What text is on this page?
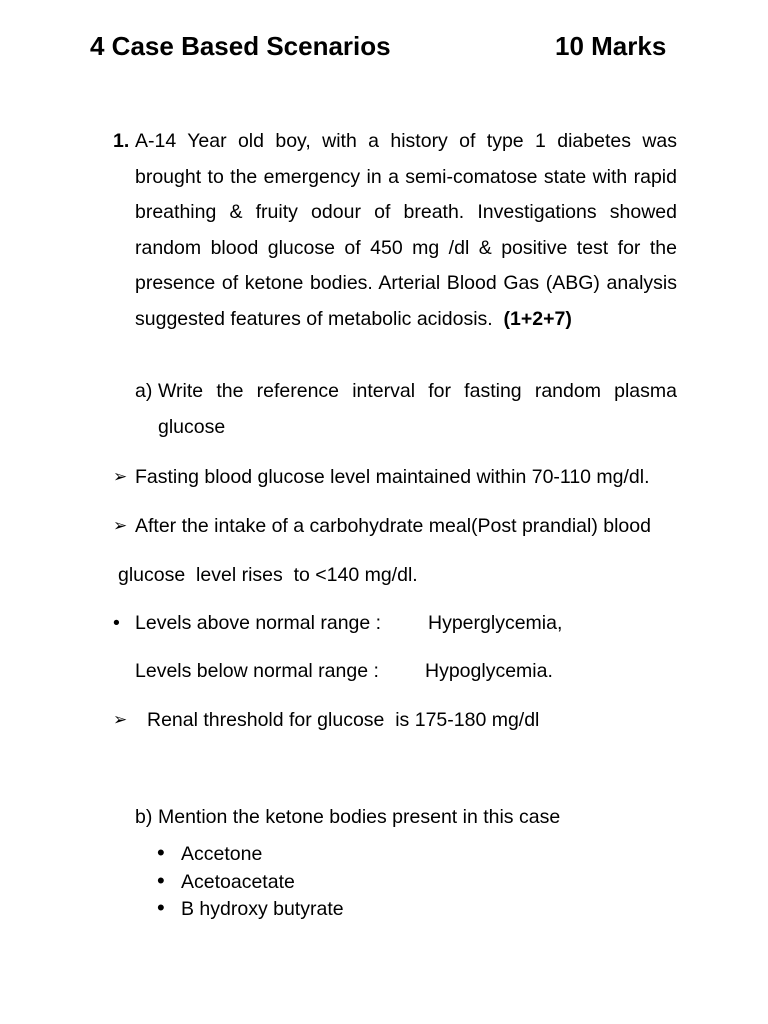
4 Case Based Scenarios	10 Marks
1. A-14 Year old boy, with a history of type 1 diabetes was brought to the emergency in a semi-comatose state with rapid breathing & fruity odour of breath. Investigations showed random blood glucose of 450 mg /dl & positive test for the presence of ketone bodies. Arterial Blood Gas (ABG) analysis suggested features of metabolic acidosis. (1+2+7)
a) Write the reference interval for fasting random plasma glucose
➢ Fasting blood glucose level maintained within 70-110 mg/dl.
➢ After the intake of a carbohydrate meal(Post prandial) blood
glucose  level rises  to <140 mg/dl.
• Levels above normal range : Hyperglycemia,
Levels below normal range : Hypoglycemia.
➢ Renal threshold for glucose  is 175-180 mg/dl
b) Mention the ketone bodies present in this case
• Accetone
• Acetoacetate
• B hydroxy butyrate
